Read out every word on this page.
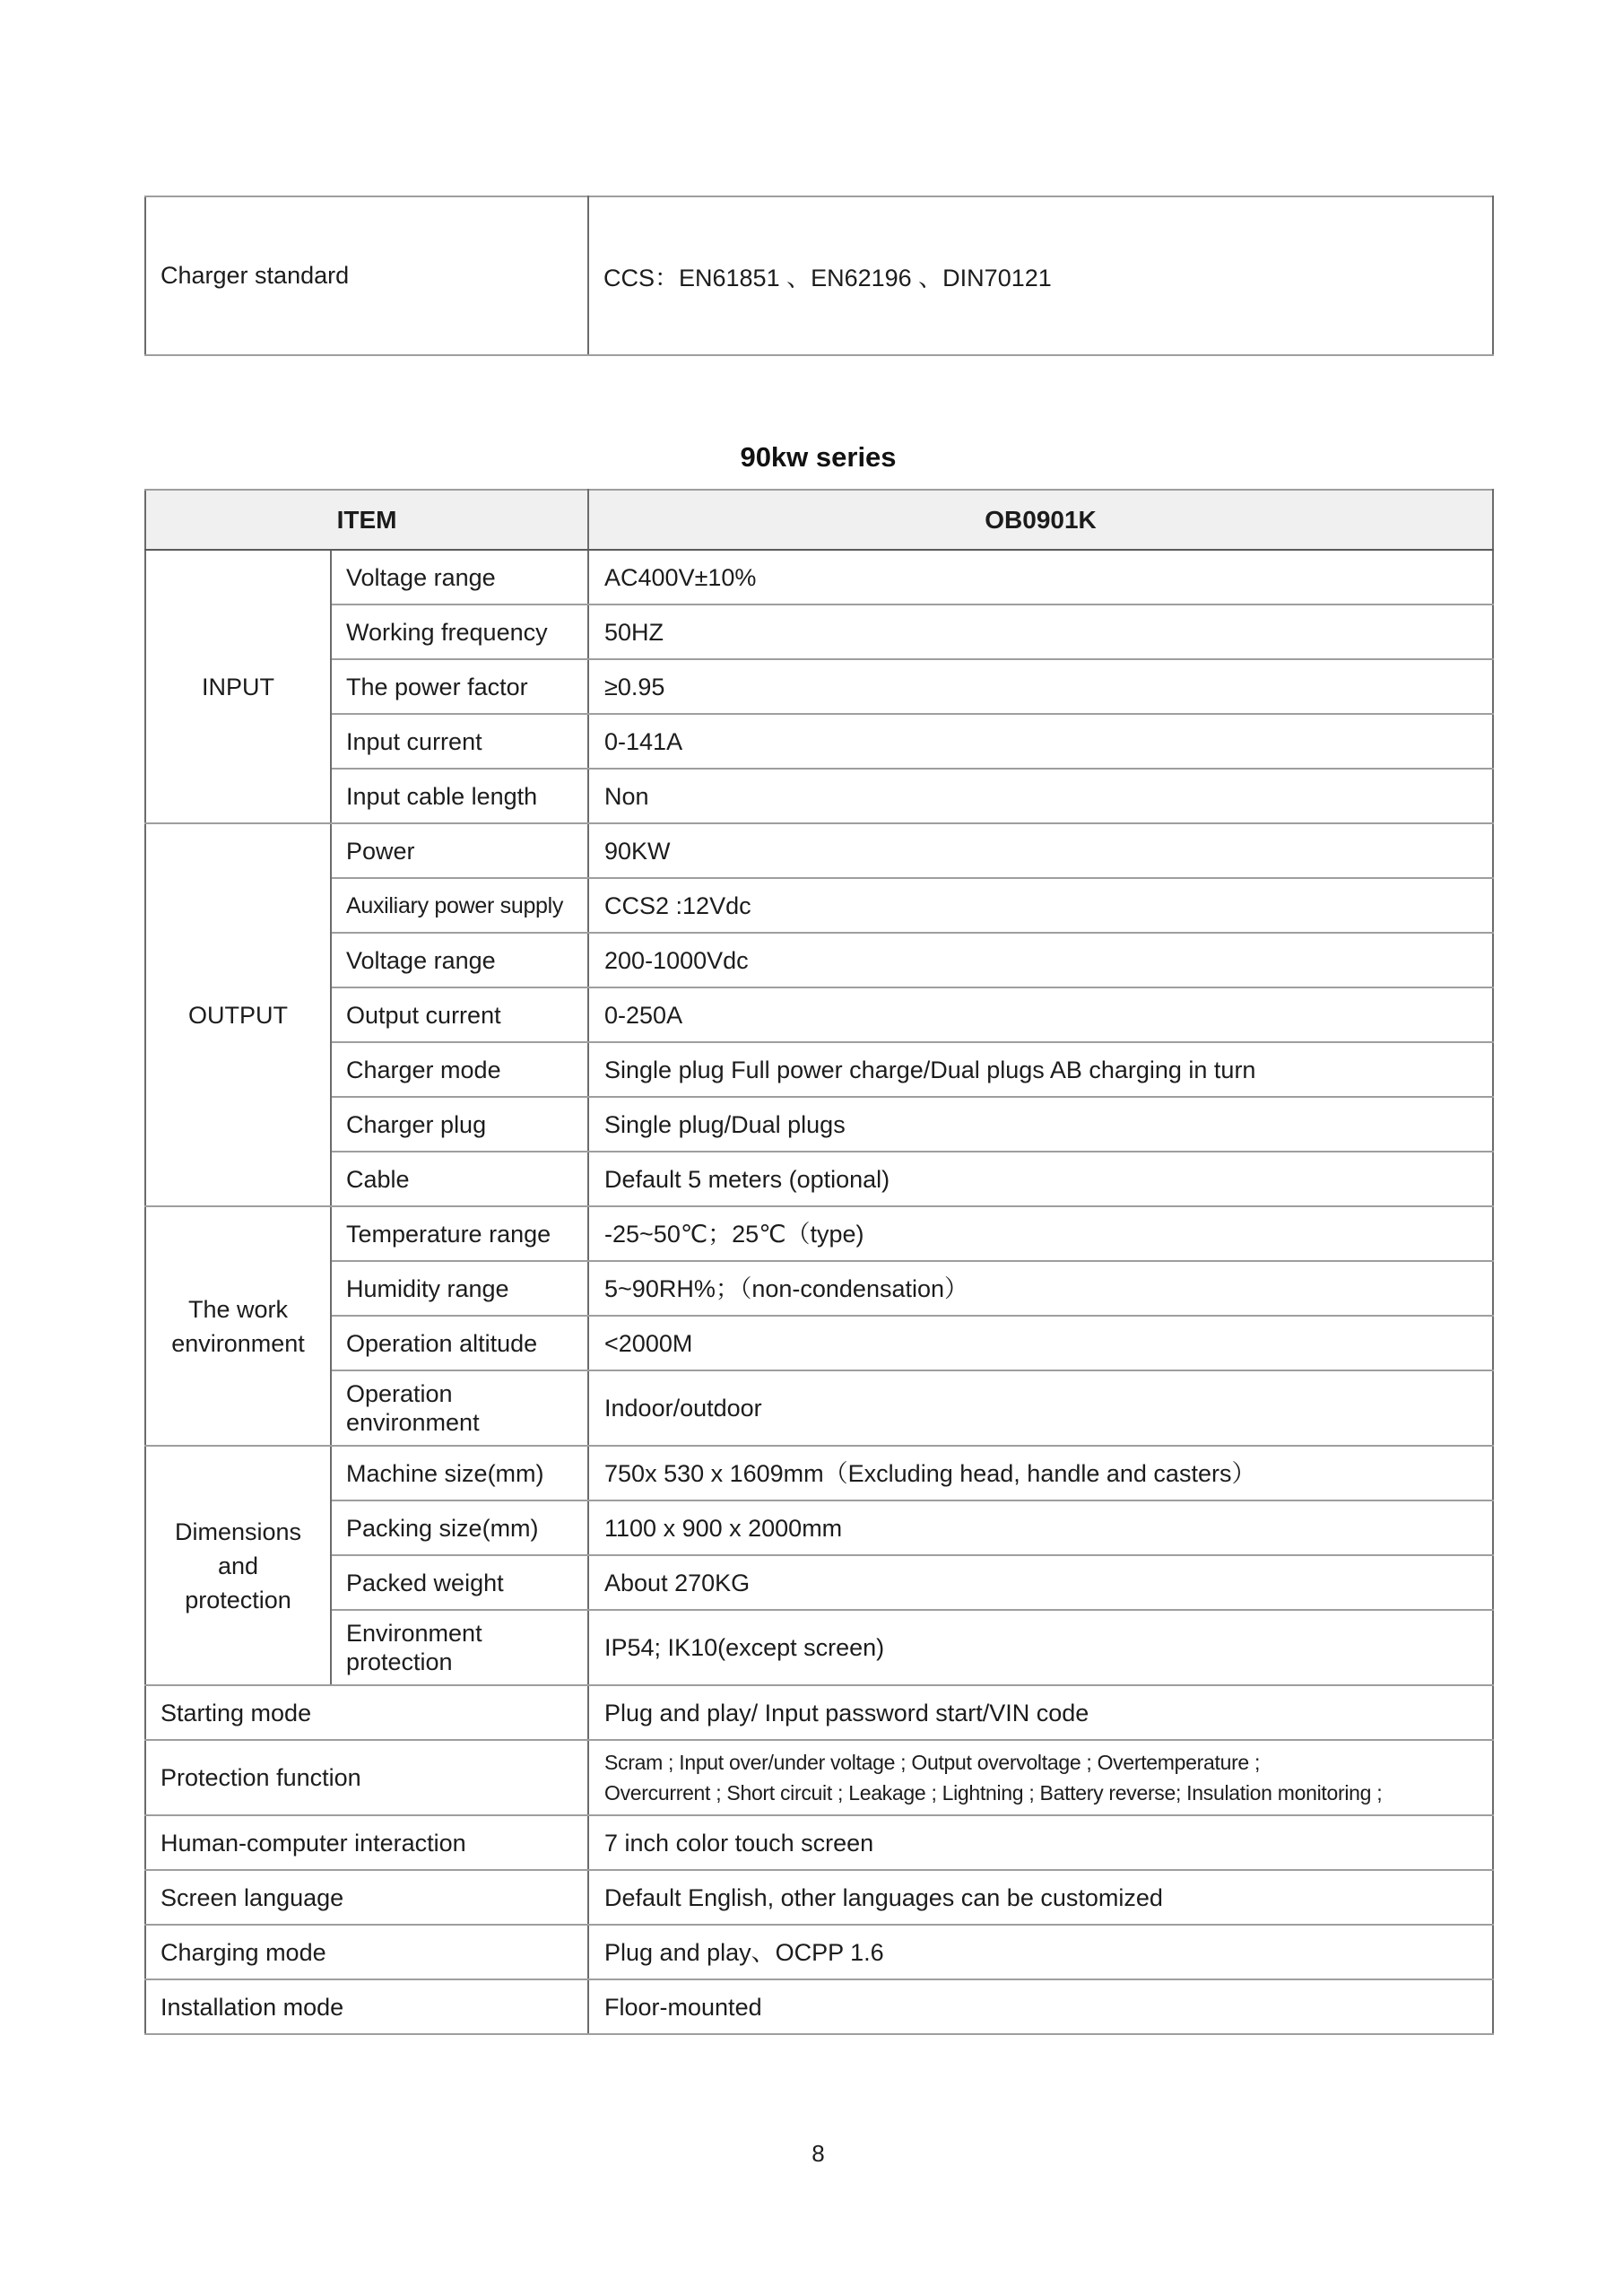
Charger standard	CCS：EN61851 、EN62196 、DIN70121
90kw series
ITEM		OB0901K

INPUT	Voltage range	AC400V±10%
	Working frequency	50HZ
	The power factor	≥0.95
	Input current	0-141A
	Input cable length	Non

OUTPUT	Power	90KW
	Auxiliary power supply	CCS2 :12Vdc
	Voltage range	200-1000Vdc
	Output current	0-250A
	Charger mode	Single plug Full power charge/Dual plugs AB charging in turn
	Charger plug	Single plug/Dual plugs
	Cable	Default 5 meters (optional)

The work
environment	Temperature range	-25~50℃；25℃（type)
	Humidity range	5~90RH%；（non-condensation）
	Operation altitude	<2000M
	Operation environment	Indoor/outdoor

Dimensions
and
protection	Machine size(mm)	750x 530 x 1609mm（Excluding head, handle and casters）
	Packing size(mm)	1100 x 900 x 2000mm
	Packed weight	About 270KG
	Environment protection	IP54; IK10(except screen)
Starting mode		Plug and play/ Input password start/VIN code
Protection function		Scram ; Input over/under voltage ; Output overvoltage ; Overtemperature ;
Overcurrent ; Short circuit ; Leakage ; Lightning ; Battery reverse; Insulation monitoring ;

Human-computer interaction		7 inch color touch screen
Screen language		Default English, other languages can be customized
Charging mode		Plug and play、OCPP 1.6
Installation mode		Floor-mounted
8
